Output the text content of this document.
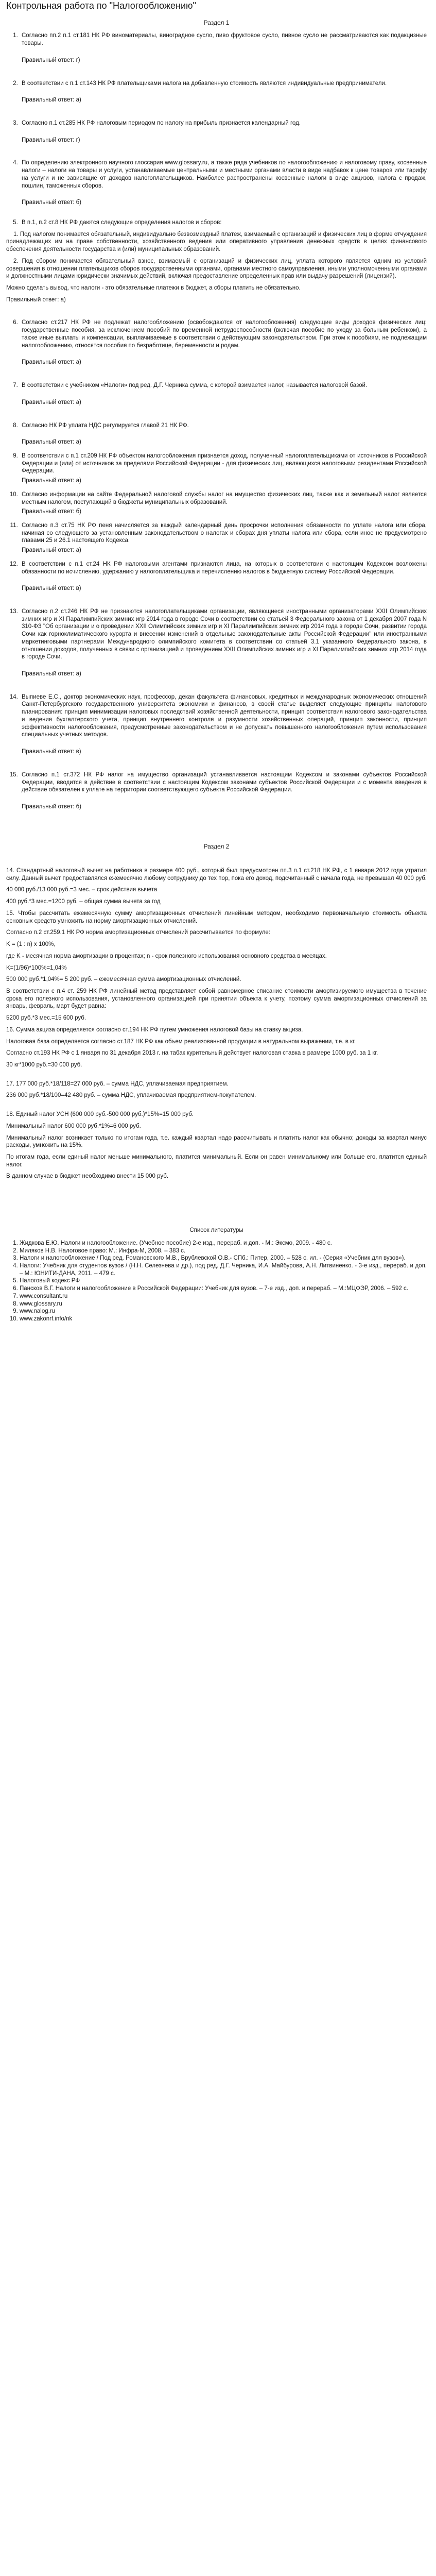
Контрольная работа по "Налогообложению"
Раздел 1
1. Согласно пп.2 п.1 ст.181 НК РФ виноматериалы, виноградное сусло, пиво фруктовое сусло, пивное сусло не рассматриваются как подакцизные товары.
Правильный ответ: г)
2. В соответствии с п.1 ст.143 НК РФ плательщиками налога на добавленную стоимость являются индивидуальные предприниматели.
Правильный ответ: а)
3. Согласно п.1 ст.285 НК РФ налоговым периодом по налогу на прибыль признается календарный год.
Правильный ответ: г)
4. По определению электронного научного глоссария www.glossary.ru, а также ряда учебников по налогообложению и налоговому праву, косвенные налоги – налоги на товары и услуги, устанавливаемые центральными и местными органами власти в виде надбавок к цене товаров или тарифу на услуги и не зависящие от доходов налогоплательщиков. Наиболее распространены косвенные налоги в виде акцизов, налога с продаж, пошлин, таможенных сборов.
Правильный ответ: б)
5. В п.1, п.2 ст.8 НК РФ даются следующие определения налогов и сборов:

1. Под налогом понимается обязательный, индивидуально безвозмездный платеж, взимаемый с организаций и физических лиц в форме отчуждения принадлежащих им на праве собственности, хозяйственного ведения или оперативного управления денежных средств в целях финансового обеспечения деятельности государства и (или) муниципальных образований.

2. Под сбором понимается обязательный взнос, взимаемый с организаций и физических лиц, уплата которого является одним из условий совершения в отношении плательщиков сборов государственными органами, органами местного самоуправления, иными уполномоченными органами и должностными лицами юридически значимых действий, включая предоставление определенных прав или выдачу разрешений (лицензий).

Можно сделать вывод, что налоги - это обязательные платежи в бюджет, а сборы платить не обязательно.

Правильный ответ: а)
6. Согласно ст.217 НК РФ не подлежат налогообложению (освобождаются от налогообложения) следующие виды доходов физических лиц: государственные пособия, за исключением пособий по временной нетрудоспособности (включая пособие по уходу за больным ребенком), а также иные выплаты и компенсации, выплачиваемые в соответствии с действующим законодательством. При этом к пособиям, не подлежащим налогообложению, относятся пособия по безработице, беременности и родам.
Правильный ответ: а)
7. В соответствии с учебником «Налоги» под ред. Д.Г. Черника сумма, с которой взимается налог, называется налоговой базой.
Правильный ответ: а)
8. Согласно НК РФ уплата НДС регулируется главой 21 НК РФ.
Правильный ответ: а)
9. В соответствии с п.1 ст.209 НК РФ объектом налогообложения признается доход, полученный налогоплательщиками от источников в Российской Федерации и (или) от источников за пределами Российской Федерации - для физических лиц, являющихся налоговыми резидентами Российской Федерации.
Правильный ответ: а)
10. Согласно информации на сайте Федеральной налоговой службы налог на имущество физических лиц, также как и земельный налог является местным налогом, поступающий в бюджеты муниципальных образований.
Правильный ответ: б)
11. Согласно п.3 ст.75 НК РФ пеня начисляется за каждый календарный день просрочки исполнения обязанности по уплате налога или сбора, начиная со следующего за установленным законодательством о налогах и сборах дня уплаты налога или сбора, если иное не предусмотрено главами 25 и 26.1 настоящего Кодекса.
Правильный ответ: а)
12. В соответствии с п.1 ст.24 НК РФ налоговыми агентами признаются лица, на которых в соответствии с настоящим Кодексом возложены обязанности по исчислению, удержанию у налогоплательщика и перечислению налогов в бюджетную систему Российской Федерации.
Правильный ответ: в)
13. Согласно п.2 ст.246 НК РФ не признаются налогоплательщиками организации, являющиеся иностранными организаторами XXII Олимпийских зимних игр и XI Паралимпийских зимних игр 2014 года в городе Сочи в соответствии со статьей 3 Федерального закона от 1 декабря 2007 года N 310-ФЗ "Об организации и о проведении XXII Олимпийских зимних игр и XI Паралимпийских зимних игр 2014 года в городе Сочи, развитии города Сочи как горноклиматического курорта и внесении изменений в отдельные законодательные акты Российской Федерации" или иностранными маркетинговыми партнерами Международного олимпийского комитета в соответствии со статьей 3.1 указанного Федерального закона, в отношении доходов, полученных в связи с организацией и проведением XXII Олимпийских зимних игр и XI Паралимпийских зимних игр 2014 года в городе Сочи.
Правильный ответ: а)
14. Выпиеве Е.С., доктор экономических наук, профессор, декан факультета финансовых, кредитных и международных экономических отношений Санкт-Петербургского государственного университета экономики и финансов, в своей статье выделяет следующие принципы налогового планирования: принцип минимизации налоговых последствий хозяйственной деятельности, принцип соответствия налогового законодательства и ведения бухгалтерского учета, принцип внутреннего контроля и разумности хозяйственных операций, принцип законности, принцип эффективности налогообложения, предусмотренные законодательством и не допускать повышенного налогообложения путем использования специальных учетных методов.
Правильный ответ: в)
15. Согласно п.1 ст.372 НК РФ налог на имущество организаций устанавливается настоящим Кодексом и законами субъектов Российской Федерации, вводится в действие в соответствии с настоящим Кодексом законами субъектов Российской Федерации и с момента введения в действие обязателен к уплате на территории соответствующего субъекта Российской Федерации.
Правильный ответ: б)
Раздел 2

14. Стандартный налоговый вычет на работника в размере 400 руб., который был предусмотрен пп.3 п.1 ст.218 НК РФ, с 1 января 2012 года утратил силу. Данный вычет предоставлялся ежемесячно любому сотруднику до тех пор, пока его доход, подсчитанный с начала года, не превышал 40 000 руб.

40 000 руб./13 000 руб.=3 мес. – срок действия вычета

400 руб.*3 мес.=1200 руб. – общая сумма вычета за год

15. Чтобы рассчитать ежемесячную сумму амортизационных отчислений линейным методом, необходимо первоначальную стоимость объекта основных средств умножить на норму амортизационных отчислений.

Согласно п.2 ст.259.1 НК РФ норма амортизационных отчислений рассчитывается по формуле:

K = (1 : n) x 100%,

где K - месячная норма амортизации в процентах; n - срок полезного использования основного средства в месяцах.

K=(1/96)*100%=1,04%

500 000 руб.*1,04%= 5 200 руб. – ежемесячная сумма амортизационных отчислений.

В соответствии с п.4 ст. 259 НК РФ линейный метод представляет собой равномерное списание стоимости амортизируемого имущества в течение срока его полезного использования, установленного организацией при принятии объекта к учету, поэтому сумма амортизационных отчислений за январь, февраль, март будет равна:

5200 руб.*3 мес.=15 600 руб.

16. Сумма акциза определяется согласно ст.194 НК РФ путем умножения налоговой базы на ставку акциза.

Налоговая база определяется согласно ст.187 НК РФ как объем реализованной продукции в натуральном выражении, т.е. в кг.

Согласно ст.193 НК РФ с 1 января по 31 декабря 2013 г. на табак курительный действует налоговая ставка в размере 1000 руб. за 1 кг.

30 кг*1000 руб.=30 000 руб.

17. 177 000 руб.*18/118=27 000 руб. – сумма НДС, уплачиваемая предприятием.

236 000 руб.*18/100=42 480 руб. – сумма НДС, уплачиваемая предприятием-покупателем.

18. Единый налог УСН (600 000 руб.-500 000 руб.)*15%=15 000 руб.

Минимальный налог 600 000 руб.*1%=6 000 руб.

Минимальный налог возникает только по итогам года, т.е. каждый квартал надо рассчитывать и платить налог как обычно; доходы за квартал минус расходы, умножить на 15%.

По итогам года, если единый налог меньше минимального, платится минимальный. Если он равен минимальному или больше его, платится единый налог.

В данном случае в бюджет необходимо внести 15 000 руб.

Список литературы
1. Жидкова Е.Ю. Налоги и налогообложение. (Учебное пособие) 2-е изд., перераб. и доп. - М.: Эксмо, 2009. - 480 с.
2. Миляков Н.В. Налоговое право: М.: Инфра-М, 2008. – 383 с.
3. Налоги и налогообложение / Под ред. Романовского М.В., Врублевской О.В.- СПб.: Питер, 2000. – 528 с. ил. - (Серия «Учебник для вузов»).
4. Налоги: Учебник для студентов вузов / (Н.Н. Селезнева и др.), под ред. Д.Г. Черника, И.А. Майбурова, А.Н. Литвиненко. - 3-е изд., перераб. и доп. – М.: ЮНИТИ-ДАНА, 2011. – 479 с.
5. Налоговый кодекс РФ
6. Пансков В.Г. Налоги и налогообложение в Российской Федерации: Учебник для вузов. – 7-е изд., доп. и перераб. – М.:МЦФЭР, 2006. – 592 с.
7. www.consultant.ru
8. www.glossary.ru
9. www.nalog.ru
10. www.zakonrf.info/nk
